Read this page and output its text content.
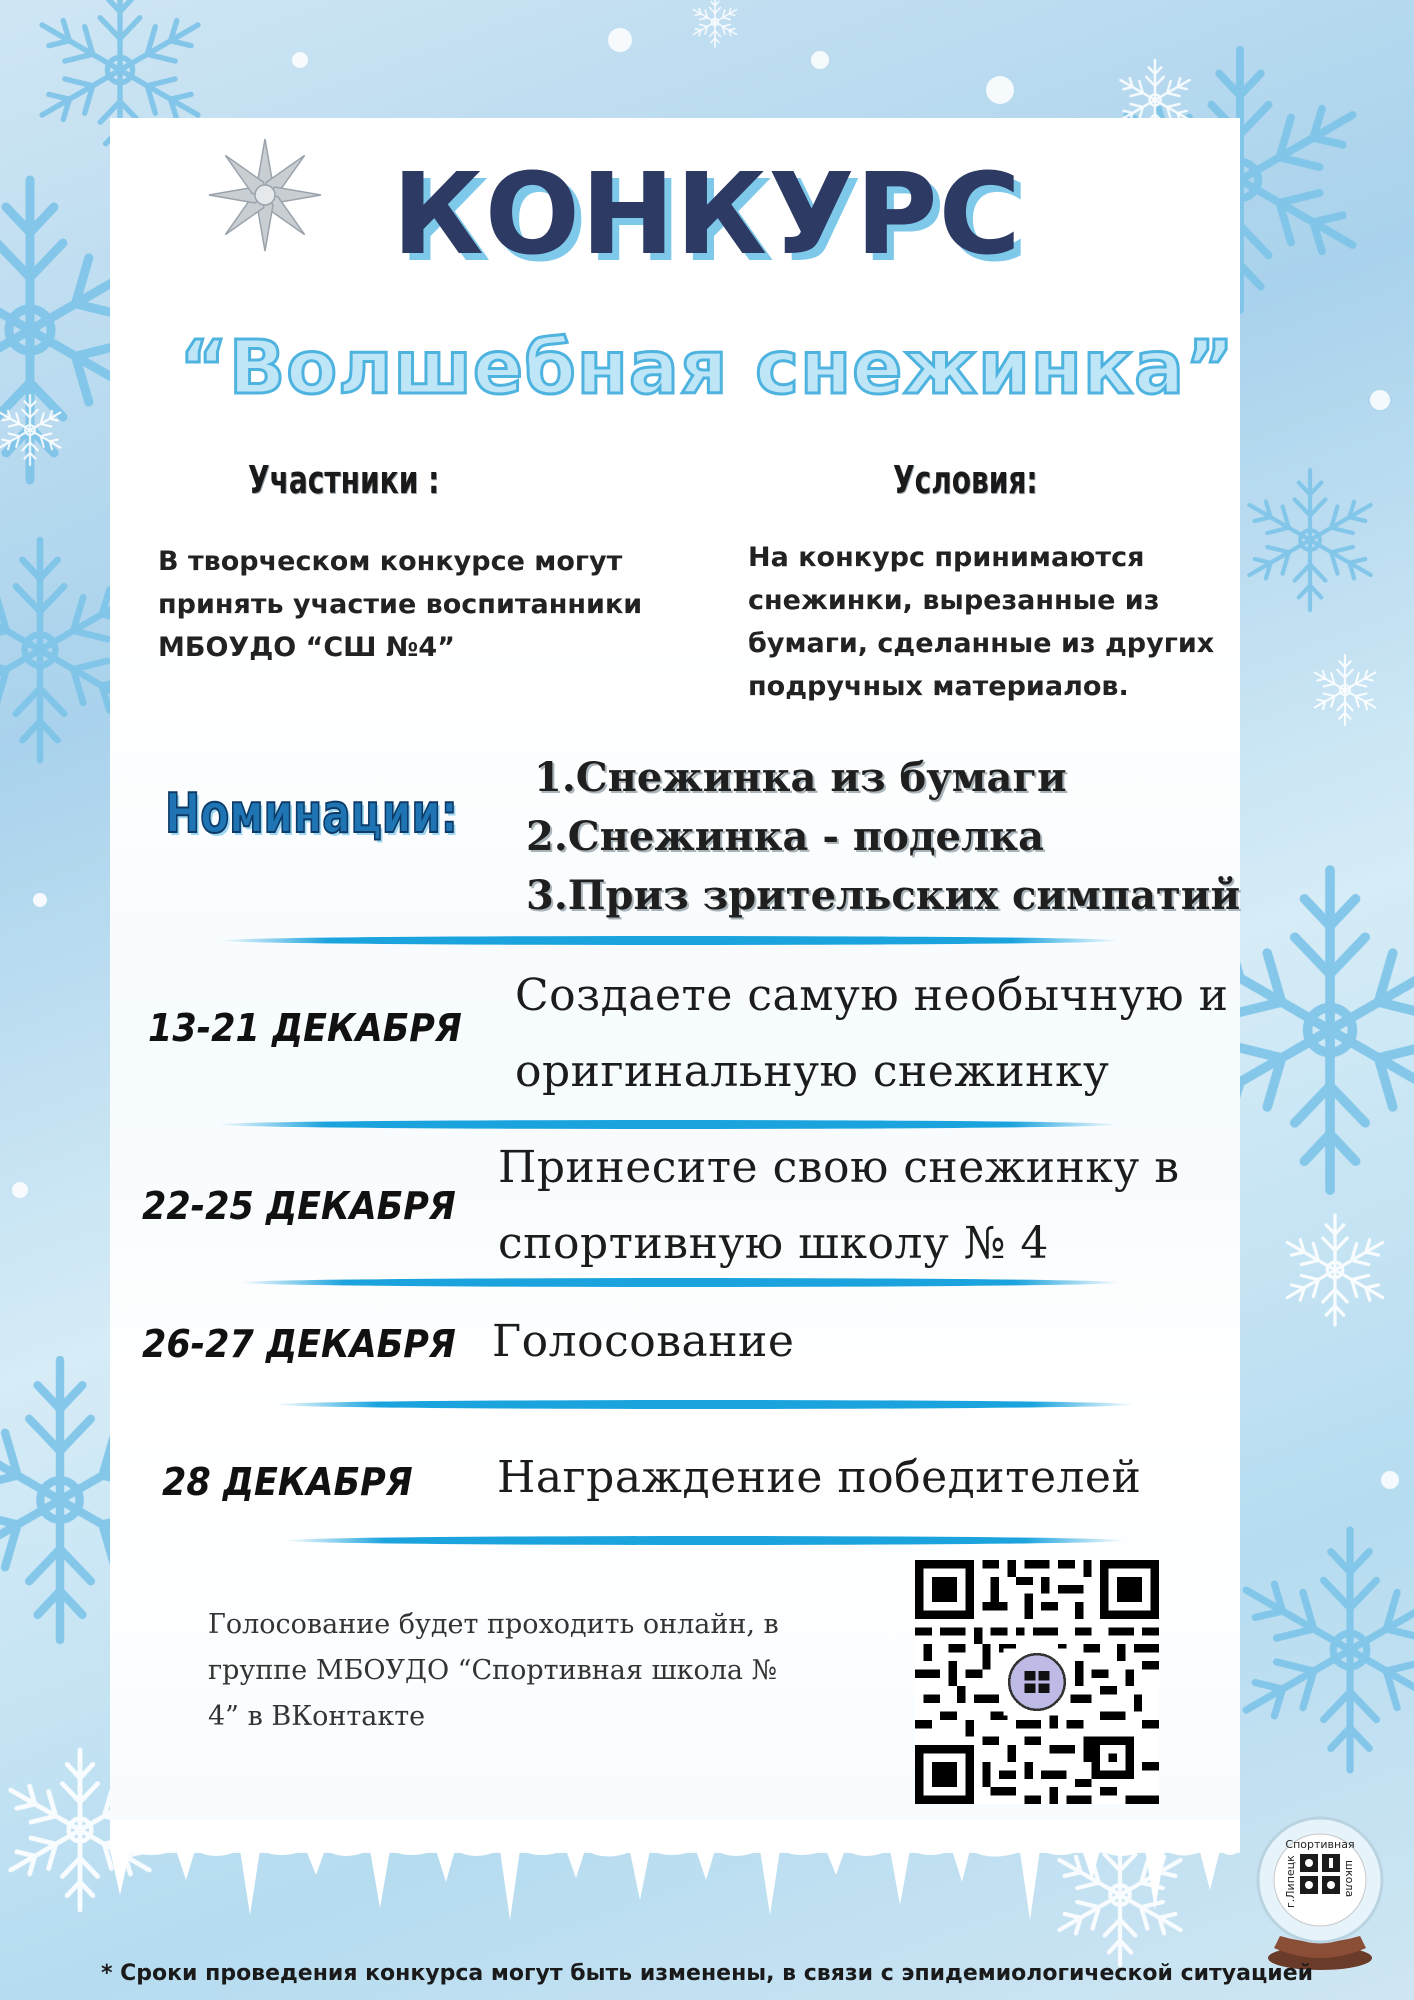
КОНКУРС
“Волшебная снежинка”
Участники :
В творческом конкурсе могут принять участие воспитанники МБОУДО “СШ №4”
Условия:
На конкурс принимаются снежинки, вырезанные из бумаги, сделанные из других подручных материалов.
Номинации:
1.Снежинка из бумаги
2.Снежинка - поделка
3.Приз зрительских симпатий
13-21 ДЕКАБРЯ
Создаете самую необычную и
оригинальную снежинку
22-25 ДЕКАБРЯ
Принесите свою снежинку в
спортивную школу № 4
26-27 ДЕКАБРЯ Голосование
28 ДЕКАБРЯ Награждение победителей
Голосование будет проходить онлайн, в группе МБОУДО “Спортивная школа № 4” в ВКонтакте
Спортивная
школа
г.Липецк
* Сроки проведения конкурса могут быть изменены, в связи с эпидемиологической ситуацией
